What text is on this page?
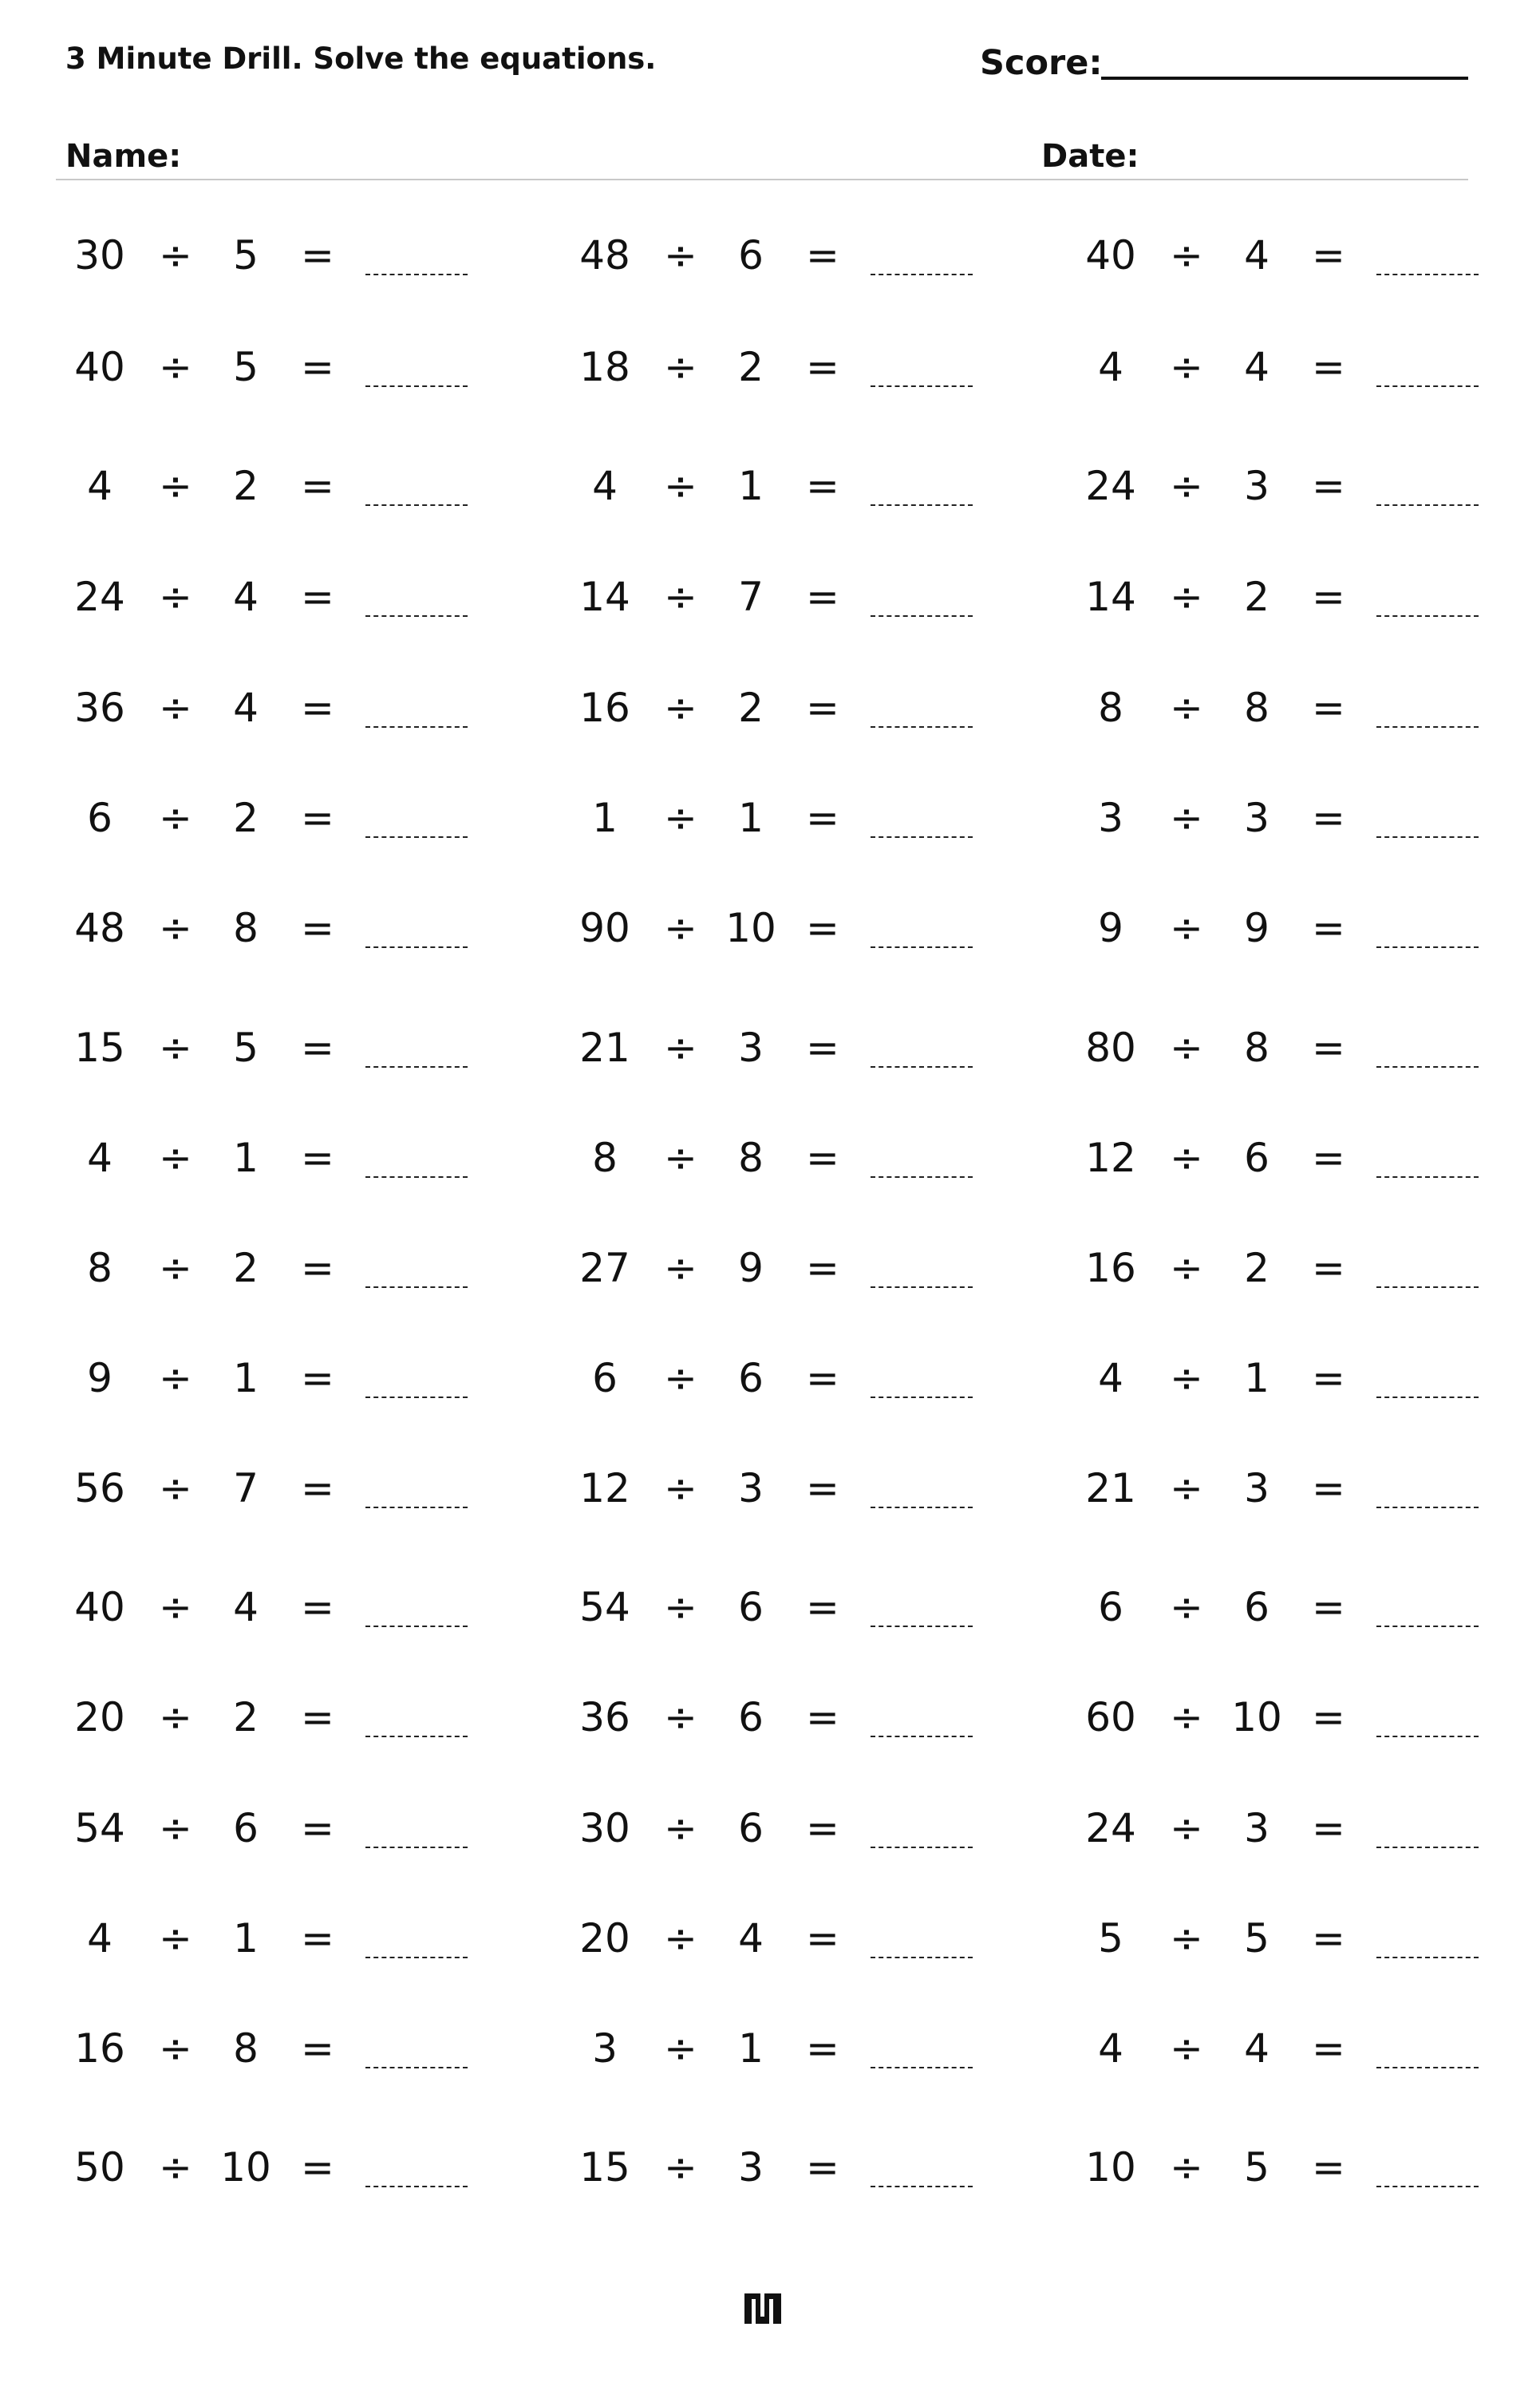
3 Minute Drill. Solve the equations.	Score:
Name:	Date:
30 ÷	5	=
40 ÷	5	=
4	÷	2	=
24 ÷	4	=
36 ÷	4	=
6	÷	2	=
48 ÷	8	=
15 ÷	5	=
4	÷	1	=
8	÷	2	=
9	÷	1	=
56 ÷	7	=
40 ÷	4	=
20 ÷	2	=
54 ÷	6	=
4	÷	1	=
16 ÷	8	=
50 ÷ 10 =
48 ÷	6	=
18 ÷	2	=
4	÷	1	=
14 ÷	7	=
16 ÷	2	=
1	÷	1	=
90 ÷ 10 =
21 ÷	3	=
8	÷	8	=
27 ÷	9	=
6	÷	6	=
12 ÷	3	=
54 ÷	6	=
36 ÷	6	=
30 ÷	6	=
20 ÷	4	=
3	÷	1	=
15 ÷	3	=
40 ÷	4	=
4	÷	4	=
24 ÷	3	=
14 ÷	2	=
8	÷	8	=
3	÷	3	=
9	÷	9	=
80 ÷	8	=
12 ÷	6	=
16 ÷	2	=
4	÷	1	=
21 ÷	3	=
6	÷	6	=
60 ÷ 10 =
24 ÷	3	=
5	÷	5	=
4	÷	4	=
10 ÷	5	=
